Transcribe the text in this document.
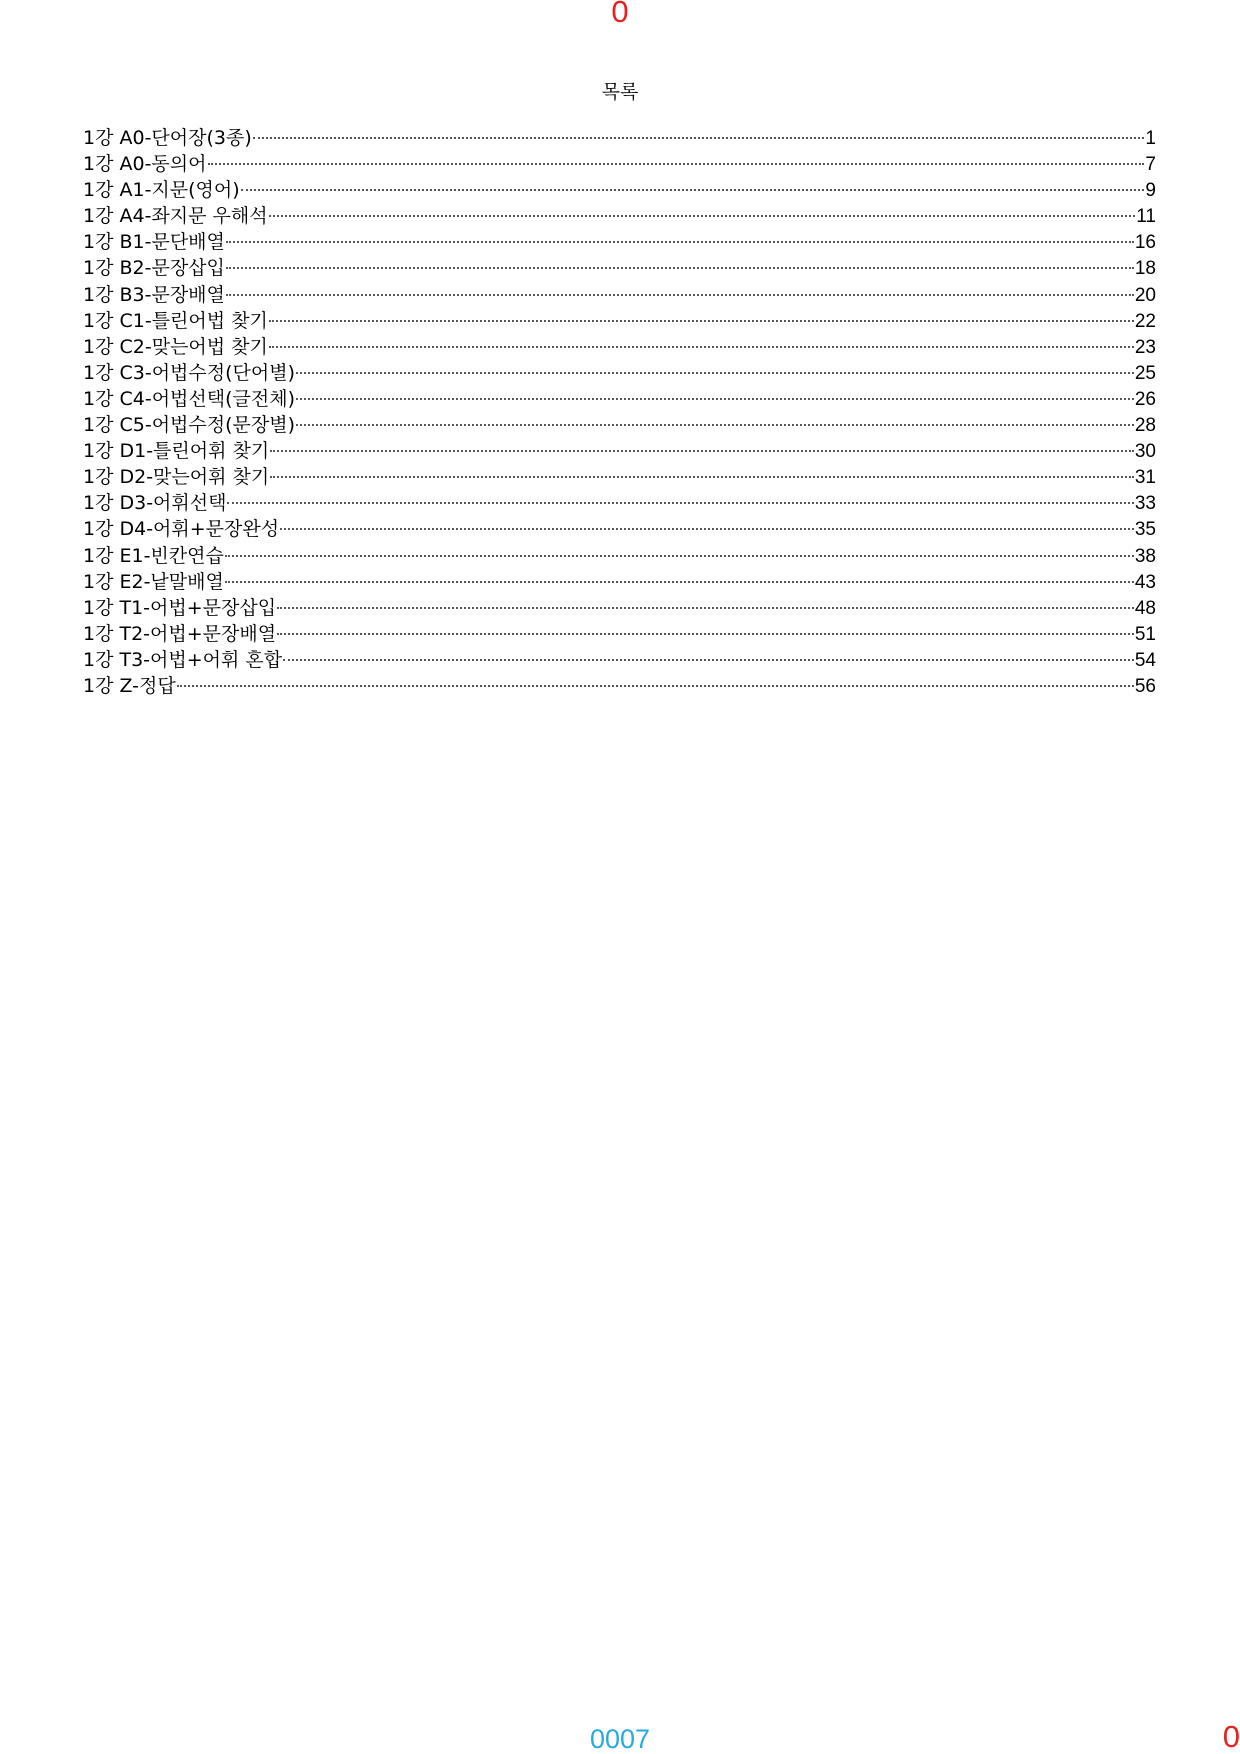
0
목록
1강 A0-단어장(3종)	1
1강 A0-동의어	7
1강 A1-지문(영어)	9
1강 A4-좌지문 우해석	11
1강 B1-문단배열	16
1강 B2-문장삽입	18
1강 B3-문장배열	20
1강 C1-틀린어법 찾기	22
1강 C2-맞는어법 찾기	23
1강 C3-어법수정(단어별)	25
1강 C4-어법선택(글전체)	26
1강 C5-어법수정(문장별)	28
1강 D1-틀린어휘 찾기	30
1강 D2-맞는어휘 찾기	31
1강 D3-어휘선택	33
1강 D4-어휘+문장완성	35
1강 E1-빈칸연습	38
1강 E2-낱말배열	43
1강 T1-어법+문장삽입	48
1강 T2-어법+문장배열	51
1강 T3-어법+어휘 혼합	54
1강 Z-정답	56
0007	0
